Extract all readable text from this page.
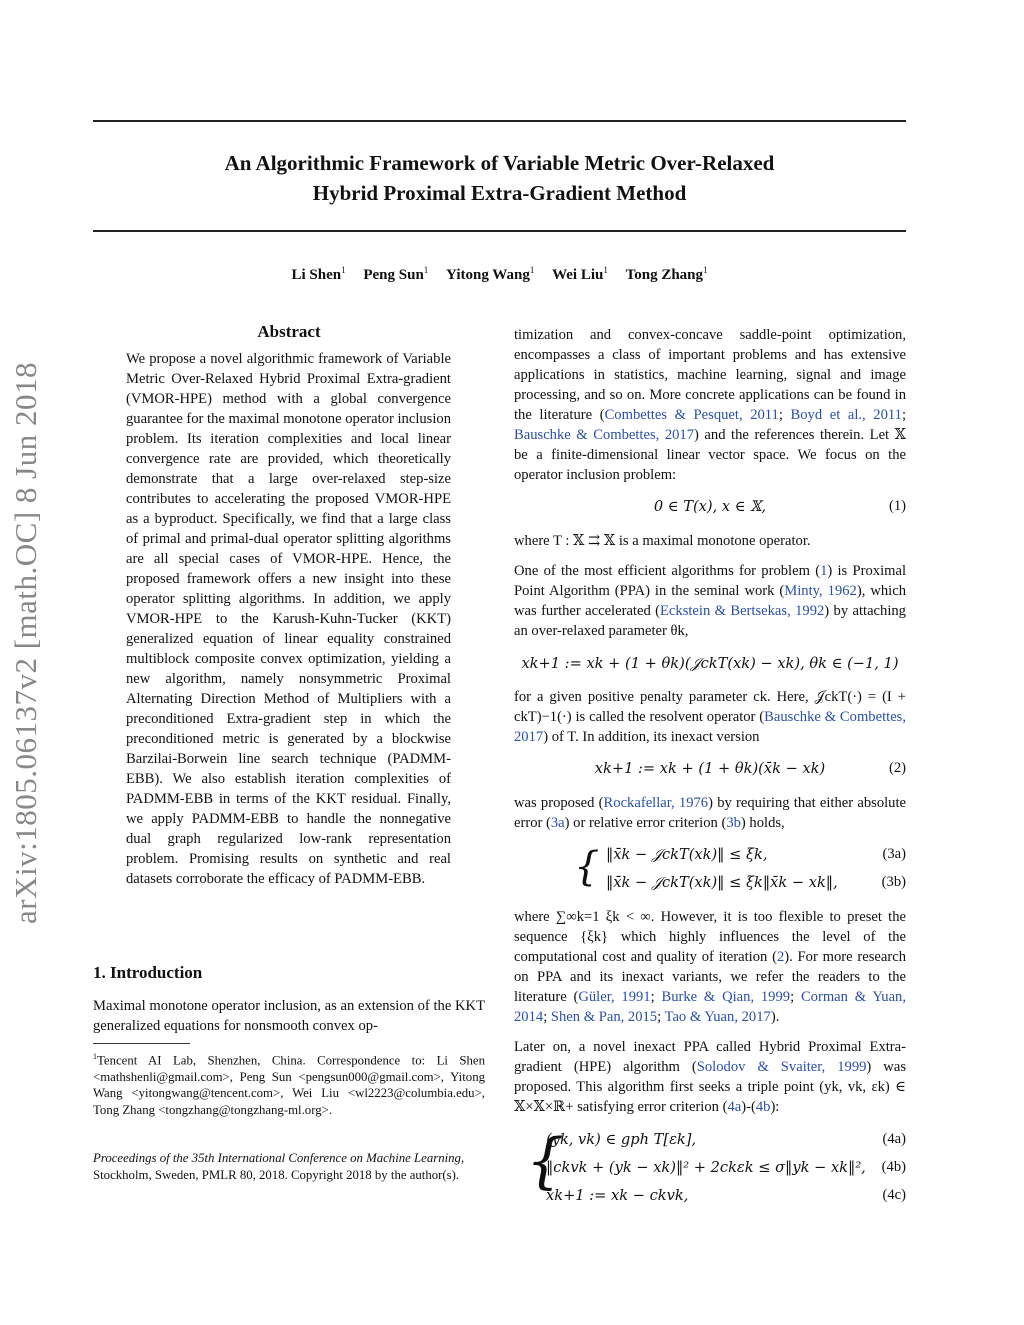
An Algorithmic Framework of Variable Metric Over-Relaxed
Hybrid Proximal Extra-Gradient Method
Li Shen$^1$ Peng Sun$^1$ Yitong Wang$^1$ Wei Liu$^1$ Tong Zhang$^1$
arXiv:1805.06137v2 [math.OC] 8 Jun 2018
Abstract
We propose a novel algorithmic framework of Variable Metric Over-Relaxed Hybrid Proximal Extra-gradient (VMOR-HPE) method with a global convergence guarantee for the maximal monotone operator inclusion problem. Its iteration complexities and local linear convergence rate are provided, which theoretically demonstrate that a large over-relaxed step-size contributes to accelerating the proposed VMOR-HPE as a byproduct. Specifically, we find that a large class of primal and primal-dual operator splitting algorithms are all special cases of VMOR-HPE. Hence, the proposed framework offers a new insight into these operator splitting algorithms. In addition, we apply VMOR-HPE to the Karush-Kuhn-Tucker (KKT) generalized equation of linear equality constrained multiblock composite convex optimization, yielding a new algorithm, namely nonsymmetric Proximal Alternating Direction Method of Multipliers with a preconditioned Extra-gradient step in which the preconditioned metric is generated by a blockwise Barzilai-Borwein line search technique (PADMM-EBB). We also establish iteration complexities of PADMM-EBB in terms of the KKT residual. Finally, we apply PADMM-EBB to handle the nonnegative dual graph regularized low-rank representation problem. Promising results on synthetic and real datasets corroborate the efficacy of PADMM-EBB.
1. Introduction
Maximal monotone operator inclusion, as an extension of the KKT generalized equations for nonsmooth convex op-
$^1$Tencent AI Lab, Shenzhen, China. Correspondence to: Li Shen <mathshenli@gmail.com>, Peng Sun <pengsun000@gmail.com>, Yitong Wang <yitongwang@tencent.com>, Wei Liu <wl2223@columbia.edu>, Tong Zhang <tongzhang@tongzhang-ml.org>.
Proceedings of the 35th International Conference on Machine Learning, Stockholm, Sweden, PMLR 80, 2018. Copyright 2018 by the author(s).
timization and convex-concave saddle-point optimization, encompasses a class of important problems and has extensive applications in statistics, machine learning, signal and image processing, and so on. More concrete applications can be found in the literature (Combettes & Pesquet, 2011; Boyd et al., 2011; Bauschke & Combettes, 2017) and the references therein. Let 𝕏 be a finite-dimensional linear vector space. We focus on the operator inclusion problem:
0 ∈ T(x), x ∈ 𝕏,	(1)
where T : 𝕏 ⇉ 𝕏 is a maximal monotone operator.
One of the most efficient algorithms for problem (1) is Proximal Point Algorithm (PPA) in the seminal work (Minty, 1962), which was further accelerated (Eckstein & Bertsekas, 1992) by attaching an over-relaxed parameter θk,
xk+1 := xk + (1 + θk)(𝒥ckT(xk) − xk), θk ∈ (−1, 1)
for a given positive penalty parameter ck. Here, 𝒥ckT(·) = (I + ckT)−1(·) is called the resolvent operator (Bauschke & Combettes, 2017) of T. In addition, its inexact version
xk+1 := xk + (1 + θk)(x̄k − xk)	(2)
was proposed (Rockafellar, 1976) by requiring that either absolute error (3a) or relative error criterion (3b) holds,
{ ‖x̄k − 𝒥ckT(xk)‖ ≤ ξk,	(3a)
‖x̄k − 𝒥ckT(xk)‖ ≤ ξk‖x̄k − xk‖,	(3b)
where ∑∞k=1 ξk < ∞. However, it is too flexible to preset the sequence {ξk} which highly influences the level of the computational cost and quality of iteration (2). For more research on PPA and its inexact variants, we refer the readers to the literature (Güler, 1991; Burke & Qian, 1999; Corman & Yuan, 2014; Shen & Pan, 2015; Tao & Yuan, 2017).
Later on, a novel inexact PPA called Hybrid Proximal Extra-gradient (HPE) algorithm (Solodov & Svaiter, 1999) was proposed. This algorithm first seeks a triple point (yk, vk, εk) ∈ 𝕏×𝕏×ℝ+ satisfying error criterion (4a)-(4b):
{
(yk, vk) ∈ gph T[εk],	(4a)
‖ckvk + (yk − xk)‖² + 2ckεk ≤ σ‖yk − xk‖², (4b)
xk+1 := xk − ckvk,	(4c)
